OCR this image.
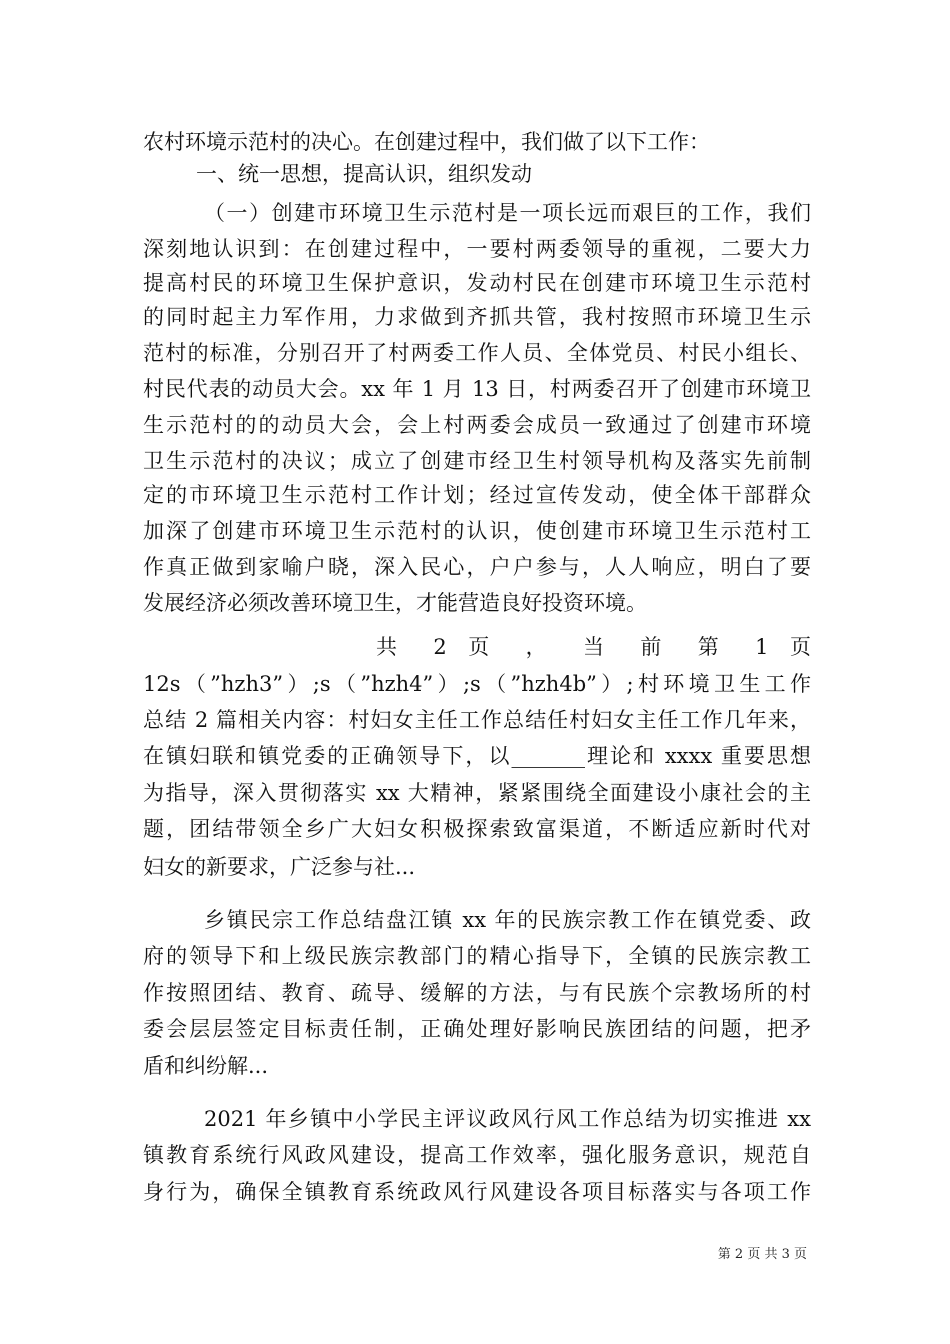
农村环境示范村的决心。在创建过程中，我们做了以下工作：
一、统一思想，提高认识，组织发动
（一）创建市环境卫生示范村是一项长远而艰巨的工作，我们
深刻地认识到：在创建过程中，一要村两委领导的重视，二要大力
提高村民的环境卫生保护意识，发动村民在创建市环境卫生示范村
的同时起主力军作用，力求做到齐抓共管，我村按照市环境卫生示
范村的标准，分别召开了村两委工作人员、全体党员、村民小组长、
村民代表的动员大会。xx 年 1 月 13 日，村两委召开了创建市环境卫
生示范村的的动员大会，会上村两委会成员一致通过了创建市环境
卫生示范村的决议；成立了创建市经卫生村领导机构及落实先前制
定的市环境卫生示范村工作计划；经过宣传发动，使全体干部群众
加深了创建市环境卫生示范村的认识，使创建市环境卫生示范村工
作真正做到家喻户晓，深入民心，户户参与，人人响应，明白了要
发展经济必须改善环境卫生，才能营造良好投资环境。
共 2 页 ， 当 前 第 1 页
12s（”hzh3”）;s（”hzh4”）;s（”hzh4b”）;村环境卫生工作
总结 2 篇相关内容：村妇女主任工作总结任村妇女主任工作几年来，
在镇妇联和镇党委的正确领导下，以_______理论和 xxxx 重要思想
为指导，深入贯彻落实 xx 大精神，紧紧围绕全面建设小康社会的主
题，团结带领全乡广大妇女积极探索致富渠道，不断适应新时代对
妇女的新要求，广泛参与社...
乡镇民宗工作总结盘江镇 xx 年的民族宗教工作在镇党委、政
府的领导下和上级民族宗教部门的精心指导下，全镇的民族宗教工
作按照团结、教育、疏导、缓解的方法，与有民族个宗教场所的村
委会层层签定目标责任制，正确处理好影响民族团结的问题，把矛
盾和纠纷解...
2021 年乡镇中小学民主评议政风行风工作总结为切实推进 xx
镇教育系统行风政风建设，提高工作效率，强化服务意识，规范自
身行为，确保全镇教育系统政风行风建设各项目标落实与各项工作
第 2 页 共 3 页
